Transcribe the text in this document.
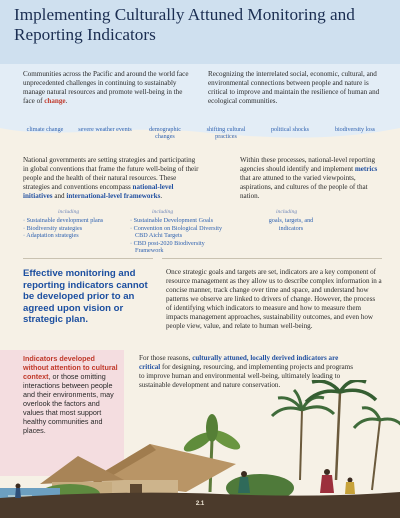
Implementing Culturally Attuned Monitoring and Reporting Indicators

Communities across the Pacific and around the world face unprecedented challenges in continuing to sustainably manage natural resources and promote well-being in the face of change.

Recognizing the interrelated social, economic, cultural, and environmental connections between people and nature is critical to improve and maintain the resilience of human and ecological communities.

climate change	severe weather events	demographic changes
shifting cultural practices
political shocks	biodiversity loss

National governments are setting strategies and participating in global conventions that frame the future well-being of their people and the health of their natural resources. These strategies and conventions encompass national-level initiatives and international-level frameworks.

Within these processes, national-level reporting agencies should identify and implement metrics that are attuned to the varied viewpoints, aspirations, and cultures of the people of that nation.

including	including	including
· Sustainable development plans
· Biodiversity strategies
· Adaptation strategies
· Sustainable Development Goals
· Convention on Biological Diversity CBD Aichi Targets
· CBD post-2020 Biodiversity Framework
goals, targets, and indicators

Effective monitoring and reporting indicators cannot be developed prior to an agreed upon vision or strategic plan.

Once strategic goals and targets are set, indicators are a key component of resource management as they allow us to describe complex information in a concise manner, track change over time and space, and understand how patterns we observe are linked to drivers of change. However, the process of identifying which indicators to measure and how to measure them impacts management approaches, sustainability outcomes, and even how people view, value, and relate to human well-being.

Indicators developed without attention to cultural context, or those omitting interactions between people and their environments, may overlook the factors and values that most support healthy communities and places.

For those reasons, culturally attuned, locally derived indicators are critical for designing, resourcing, and implementing projects and programs to improve human and environmental well-being, ultimately leading to sustainable development and nature conservation.

2.1
